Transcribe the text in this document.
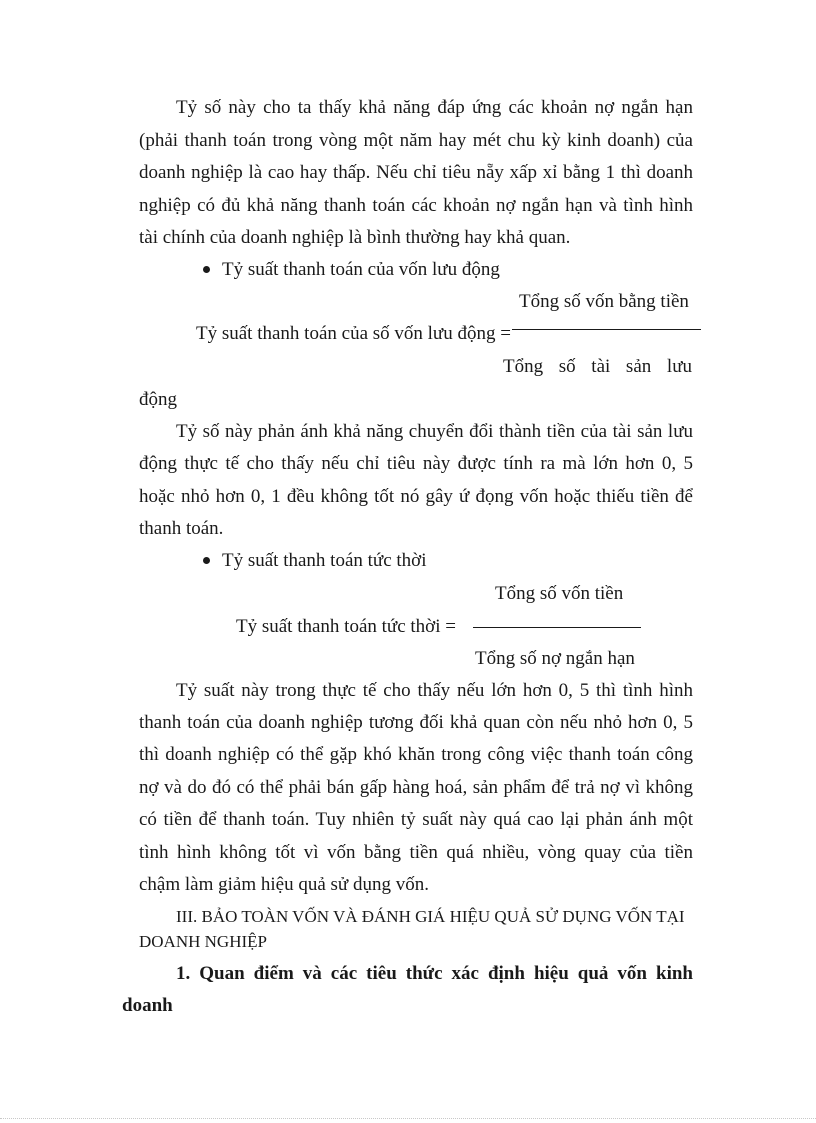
Tỷ số này cho ta thấy khả năng đáp ứng các khoản nợ ngắn hạn
(phải thanh toán trong vòng một năm hay mét chu kỳ kinh doanh) của
doanh nghiệp là cao hay thấp. Nếu chỉ tiêu nẵy xấp xỉ bằng 1 thì doanh
nghiệp có đủ khả năng thanh toán các khoản nợ ngắn hạn và tình hình
tài chính của doanh nghiệp là bình thường hay khả quan.
Tỷ suất thanh toán của vốn lưu động
Tổng số vốn bằng tiền
Tỷ suất thanh toán của số vốn lưu động =
Tổng số tài sản lưu
động
Tỷ số này phản ánh khả năng chuyển đổi thành tiền của tài sản lưu
động thực tế cho thấy nếu chỉ tiêu này được tính ra mà lớn hơn 0, 5
hoặc nhỏ hơn 0, 1 đều không tốt nó gây ứ đọng vốn hoặc thiếu tiền để
thanh toán.
Tỷ suất thanh toán tức thời
Tổng số vốn tiền
Tỷ suất thanh toán tức thời =
Tổng số nợ ngắn hạn
Tỷ suất này trong thực tế cho thấy nếu lớn hơn 0, 5 thì tình hình
thanh toán của doanh nghiệp tương đối khả quan còn nếu nhỏ hơn 0, 5
thì doanh nghiệp có thể gặp khó khăn trong công việc thanh toán công
nợ và do đó có thể phải bán gấp hàng hoá, sản phẩm để trả nợ vì không
có tiền để thanh toán. Tuy nhiên tỷ suất này quá cao lại phản ánh một
tình hình không tốt vì vốn bằng tiền quá nhiều, vòng quay của tiền
chậm làm giảm hiệu quả sử dụng vốn.
III. BẢO TOÀN VỐN VÀ ĐÁNH GIÁ HIỆU QUẢ SỬ DỤNG VỐN TẠI
DOANH NGHIỆP
1. Quan điểm và các tiêu thức xác định hiệu quả vốn kinh
doanh
